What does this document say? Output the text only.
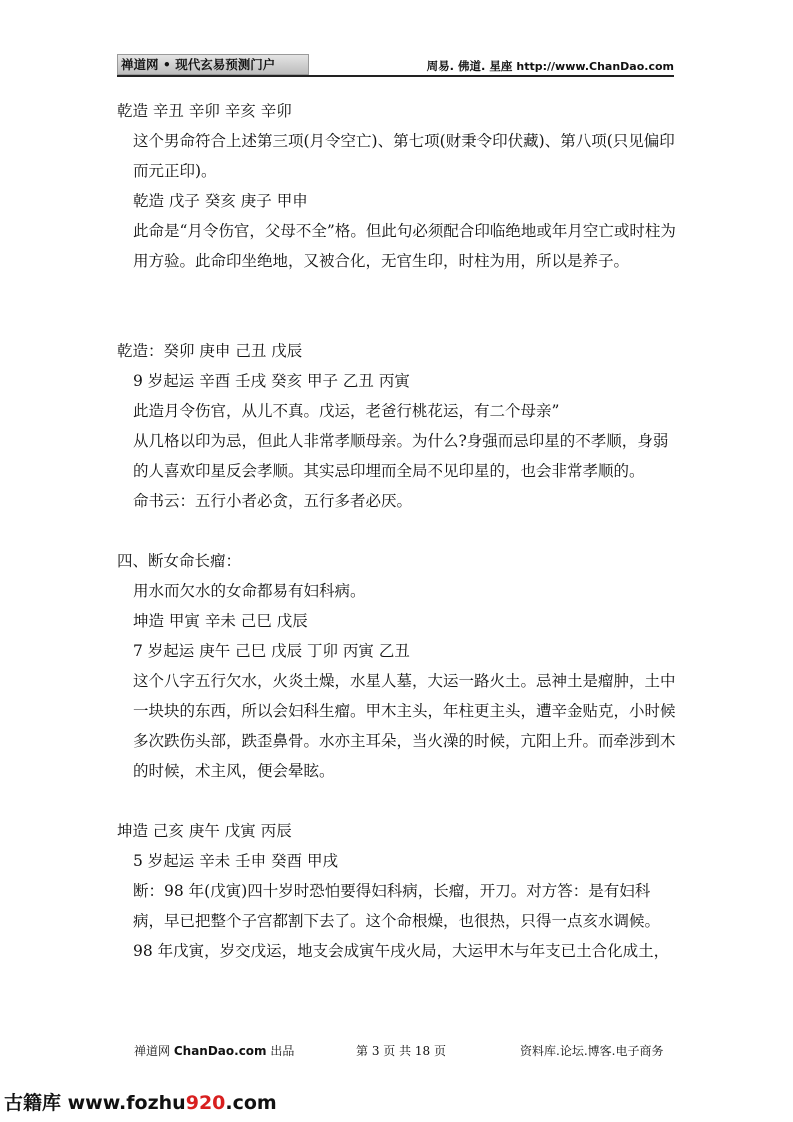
禅道网 • 现代玄易预测门户	周易. 佛道. 星座 http://www.ChanDao.com

乾造 辛丑 辛卯 辛亥 辛卯

这个男命符合上述第三项(月令空亡)、第七项(财秉令印伏藏)、第八项(只见偏印而元正印)。

乾造 戊子 癸亥 庚子 甲申

此命是“月令伤官，父母不全”格。但此句必须配合印临绝地或年月空亡或时柱为用方验。此命印坐绝地，又被合化，无官生印，时柱为用，所以是养子。

乾造：癸卯 庚申 己丑 戊辰

9 岁起运 辛酉 壬戌 癸亥 甲子 乙丑 丙寅

此造月令伤官，从儿不真。戊运，老爸行桃花运，有二个母亲”

从几格以印为忌，但此人非常孝顺母亲。为什么?身强而忌印星的不孝顺，身弱的人喜欢印星反会孝顺。其实忌印埋而全局不见印星的，也会非常孝顺的。

命书云：五行小者必贪，五行多者必厌。

四、断女命长瘤：

用水而欠水的女命都易有妇科病。

坤造 甲寅 辛未 己巳 戊辰

7 岁起运 庚午 己巳 戊辰 丁卯 丙寅 乙丑

这个八字五行欠水，火炎土燥，水星人墓，大运一路火土。忌神土是瘤肿，土中一块块的东西，所以会妇科生瘤。甲木主头，年柱更主头，遭辛金贴克，小时候多次跌伤头部，跌歪鼻骨。水亦主耳朵，当火澡的时候，亢阳上升。而牵涉到木的时候，术主风，便会晕眩。

坤造 己亥 庚午 戊寅 丙辰

5 岁起运 辛未 壬申 癸酉 甲戌

断：98 年(戊寅)四十岁时恐怕要得妇科病，长瘤，开刀。对方答：是有妇科病，早已把整个子宫都割下去了。这个命根燥，也很热，只得一点亥水调候。98 年戊寅，岁交戊运，地支会成寅午戌火局，大运甲木与年支已土合化成土，

禅道网 ChanDao.com 出品	第 3 页 共 18 页	资料库.论坛.博客.电子商务
古籍库 www.fozhu920.com
